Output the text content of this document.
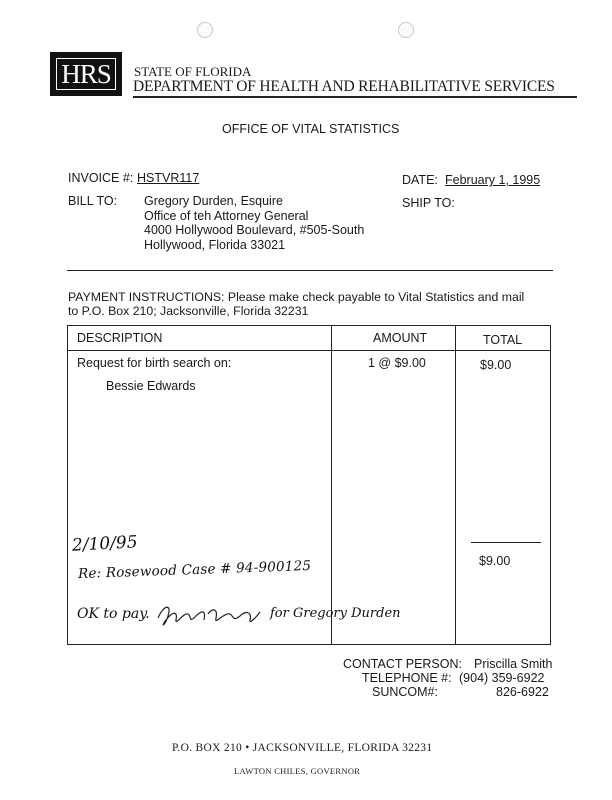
HRS	STATE OF FLORIDA
DEPARTMENT OF HEALTH AND REHABILITATIVE SERVICES
OFFICE OF VITAL STATISTICS
INVOICE #: HSTVR117	DATE: February 1, 1995
BILL TO: Gregory Durden, Esquire
Office of teh Attorney General
4000 Hollywood Boulevard, #505-South
Hollywood, Florida 33021
SHIP TO:
PAYMENT INSTRUCTIONS: Please make check payable to Vital Statistics and mail
to P.O. Box 210; Jacksonville, Florida 32231
DESCRIPTION	AMOUNT	TOTAL
Request for birth search on:
Bessie Edwards
1 @ $9.00	$9.00
$9.00
2/10/95
Re: Rosewood Case # 94-900125
OK to pay.	for Gregory Durden
CONTACT PERSON: Priscilla Smith
TELEPHONE #: (904) 359-6922
SUNCOM#:	826-6922
P.O. BOX 210 • JACKSONVILLE, FLORIDA 32231
LAWTON CHILES, GOVERNOR
